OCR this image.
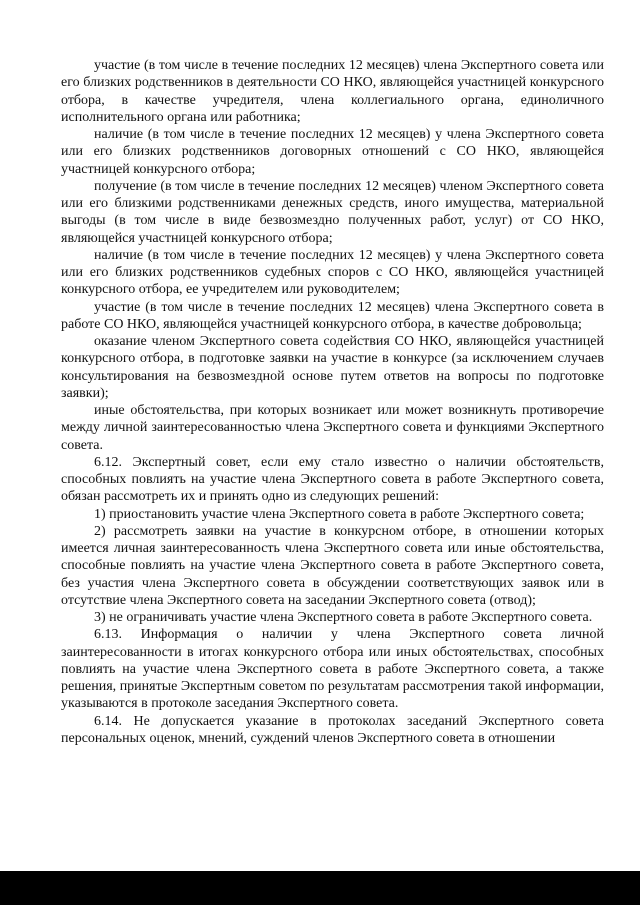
участие (в том числе в течение последних 12 месяцев) члена Экспертного совета или его близких родственников в деятельности СО НКО, являющейся участницей конкурсного отбора, в качестве учредителя, члена коллегиального органа, единоличного исполнительного органа или работника;

наличие (в том числе в течение последних 12 месяцев) у члена Экспертного совета или его близких родственников договорных отношений с СО НКО, являющейся участницей конкурсного отбора;

получение (в том числе в течение последних 12 месяцев) членом Экспертного совета или его близкими родственниками денежных средств, иного имущества, материальной выгоды (в том числе в виде безвозмездно полученных работ, услуг) от СО НКО, являющейся участницей конкурсного отбора;

наличие (в том числе в течение последних 12 месяцев) у члена Экспертного совета или его близких родственников судебных споров с СО НКО, являющейся участницей конкурсного отбора, ее учредителем или руководителем;

участие (в том числе в течение последних 12 месяцев) члена Экспертного совета в работе СО НКО, являющейся участницей конкурсного отбора, в качестве добровольца;

оказание членом Экспертного совета содействия СО НКО, являющейся участницей конкурсного отбора, в подготовке заявки на участие в конкурсе (за исключением случаев консультирования на безвозмездной основе путем ответов на вопросы по подготовке заявки);

иные обстоятельства, при которых возникает или может возникнуть противоречие между личной заинтересованностью члена Экспертного совета и функциями Экспертного совета.

6.12. Экспертный совет, если ему стало известно о наличии обстоятельств, способных повлиять на участие члена Экспертного совета в работе Экспертного совета, обязан рассмотреть их и принять одно из следующих решений:

1) приостановить участие члена Экспертного совета в работе Экспертного совета;

2) рассмотреть заявки на участие в конкурсном отборе, в отношении которых имеется личная заинтересованность члена Экспертного совета или иные обстоятельства, способные повлиять на участие члена Экспертного совета в работе Экспертного совета, без участия члена Экспертного совета в обсуждении соответствующих заявок или в отсутствие члена Экспертного совета на заседании Экспертного совета (отвод);

3) не ограничивать участие члена Экспертного совета в работе Экспертного совета.

6.13. Информация о наличии у члена Экспертного совета личной заинтересованности в итогах конкурсного отбора или иных обстоятельствах, способных повлиять на участие члена Экспертного совета в работе Экспертного совета, а также решения, принятые Экспертным советом по результатам рассмотрения такой информации, указываются в протоколе заседания Экспертного совета.

6.14. Не допускается указание в протоколах заседаний Экспертного совета персональных оценок, мнений, суждений членов Экспертного совета в отношении
